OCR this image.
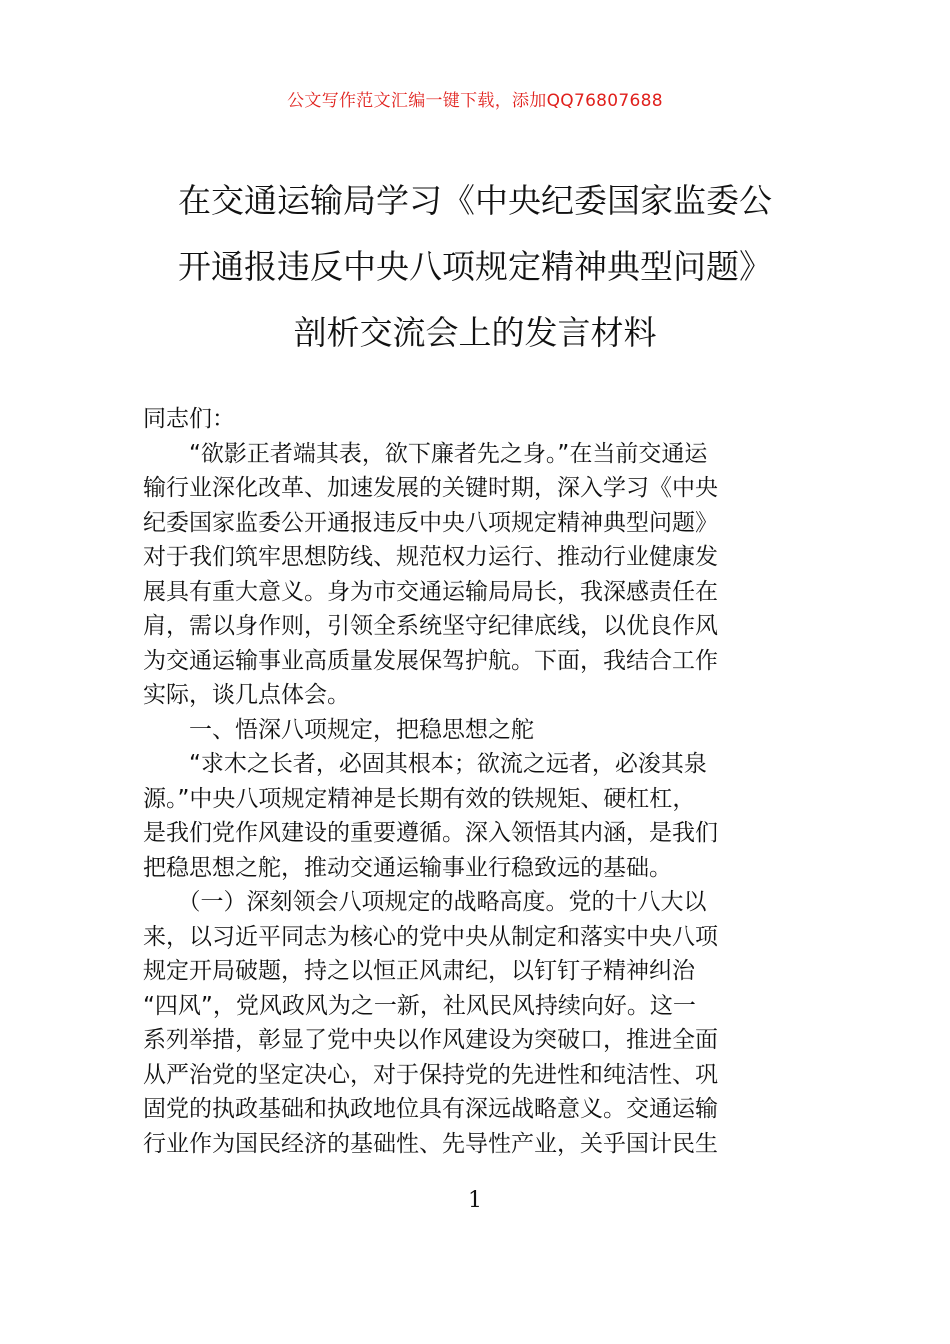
公文写作范文汇编一键下载，添加QQ76807688
在交通运输局学习《中央纪委国家监委公
开通报违反中央八项规定精神典型问题》
剖析交流会上的发言材料
同志们：
　　“欲影正者端其表，欲下廉者先之身。”在当前交通运
输行业深化改革、加速发展的关键时期，深入学习《中央
纪委国家监委公开通报违反中央八项规定精神典型问题》
对于我们筑牢思想防线、规范权力运行、推动行业健康发
展具有重大意义。身为市交通运输局局长，我深感责任在
肩，需以身作则，引领全系统坚守纪律底线，以优良作风
为交通运输事业高质量发展保驾护航。下面，我结合工作
实际，谈几点体会。
　　一、悟深八项规定，把稳思想之舵
　　“求木之长者，必固其根本；欲流之远者，必浚其泉
源。”中央八项规定精神是长期有效的铁规矩、硬杠杠，
是我们党作风建设的重要遵循。深入领悟其内涵，是我们
把稳思想之舵，推动交通运输事业行稳致远的基础。
　　（一）深刻领会八项规定的战略高度。党的十八大以
来，以习近平同志为核心的党中央从制定和落实中央八项
规定开局破题，持之以恒正风肃纪，以钉钉子精神纠治
“四风”，党风政风为之一新，社风民风持续向好。这一
系列举措，彰显了党中央以作风建设为突破口，推进全面
从严治党的坚定决心，对于保持党的先进性和纯洁性、巩
固党的执政基础和执政地位具有深远战略意义。交通运输
行业作为国民经济的基础性、先导性产业，关乎国计民生
1
